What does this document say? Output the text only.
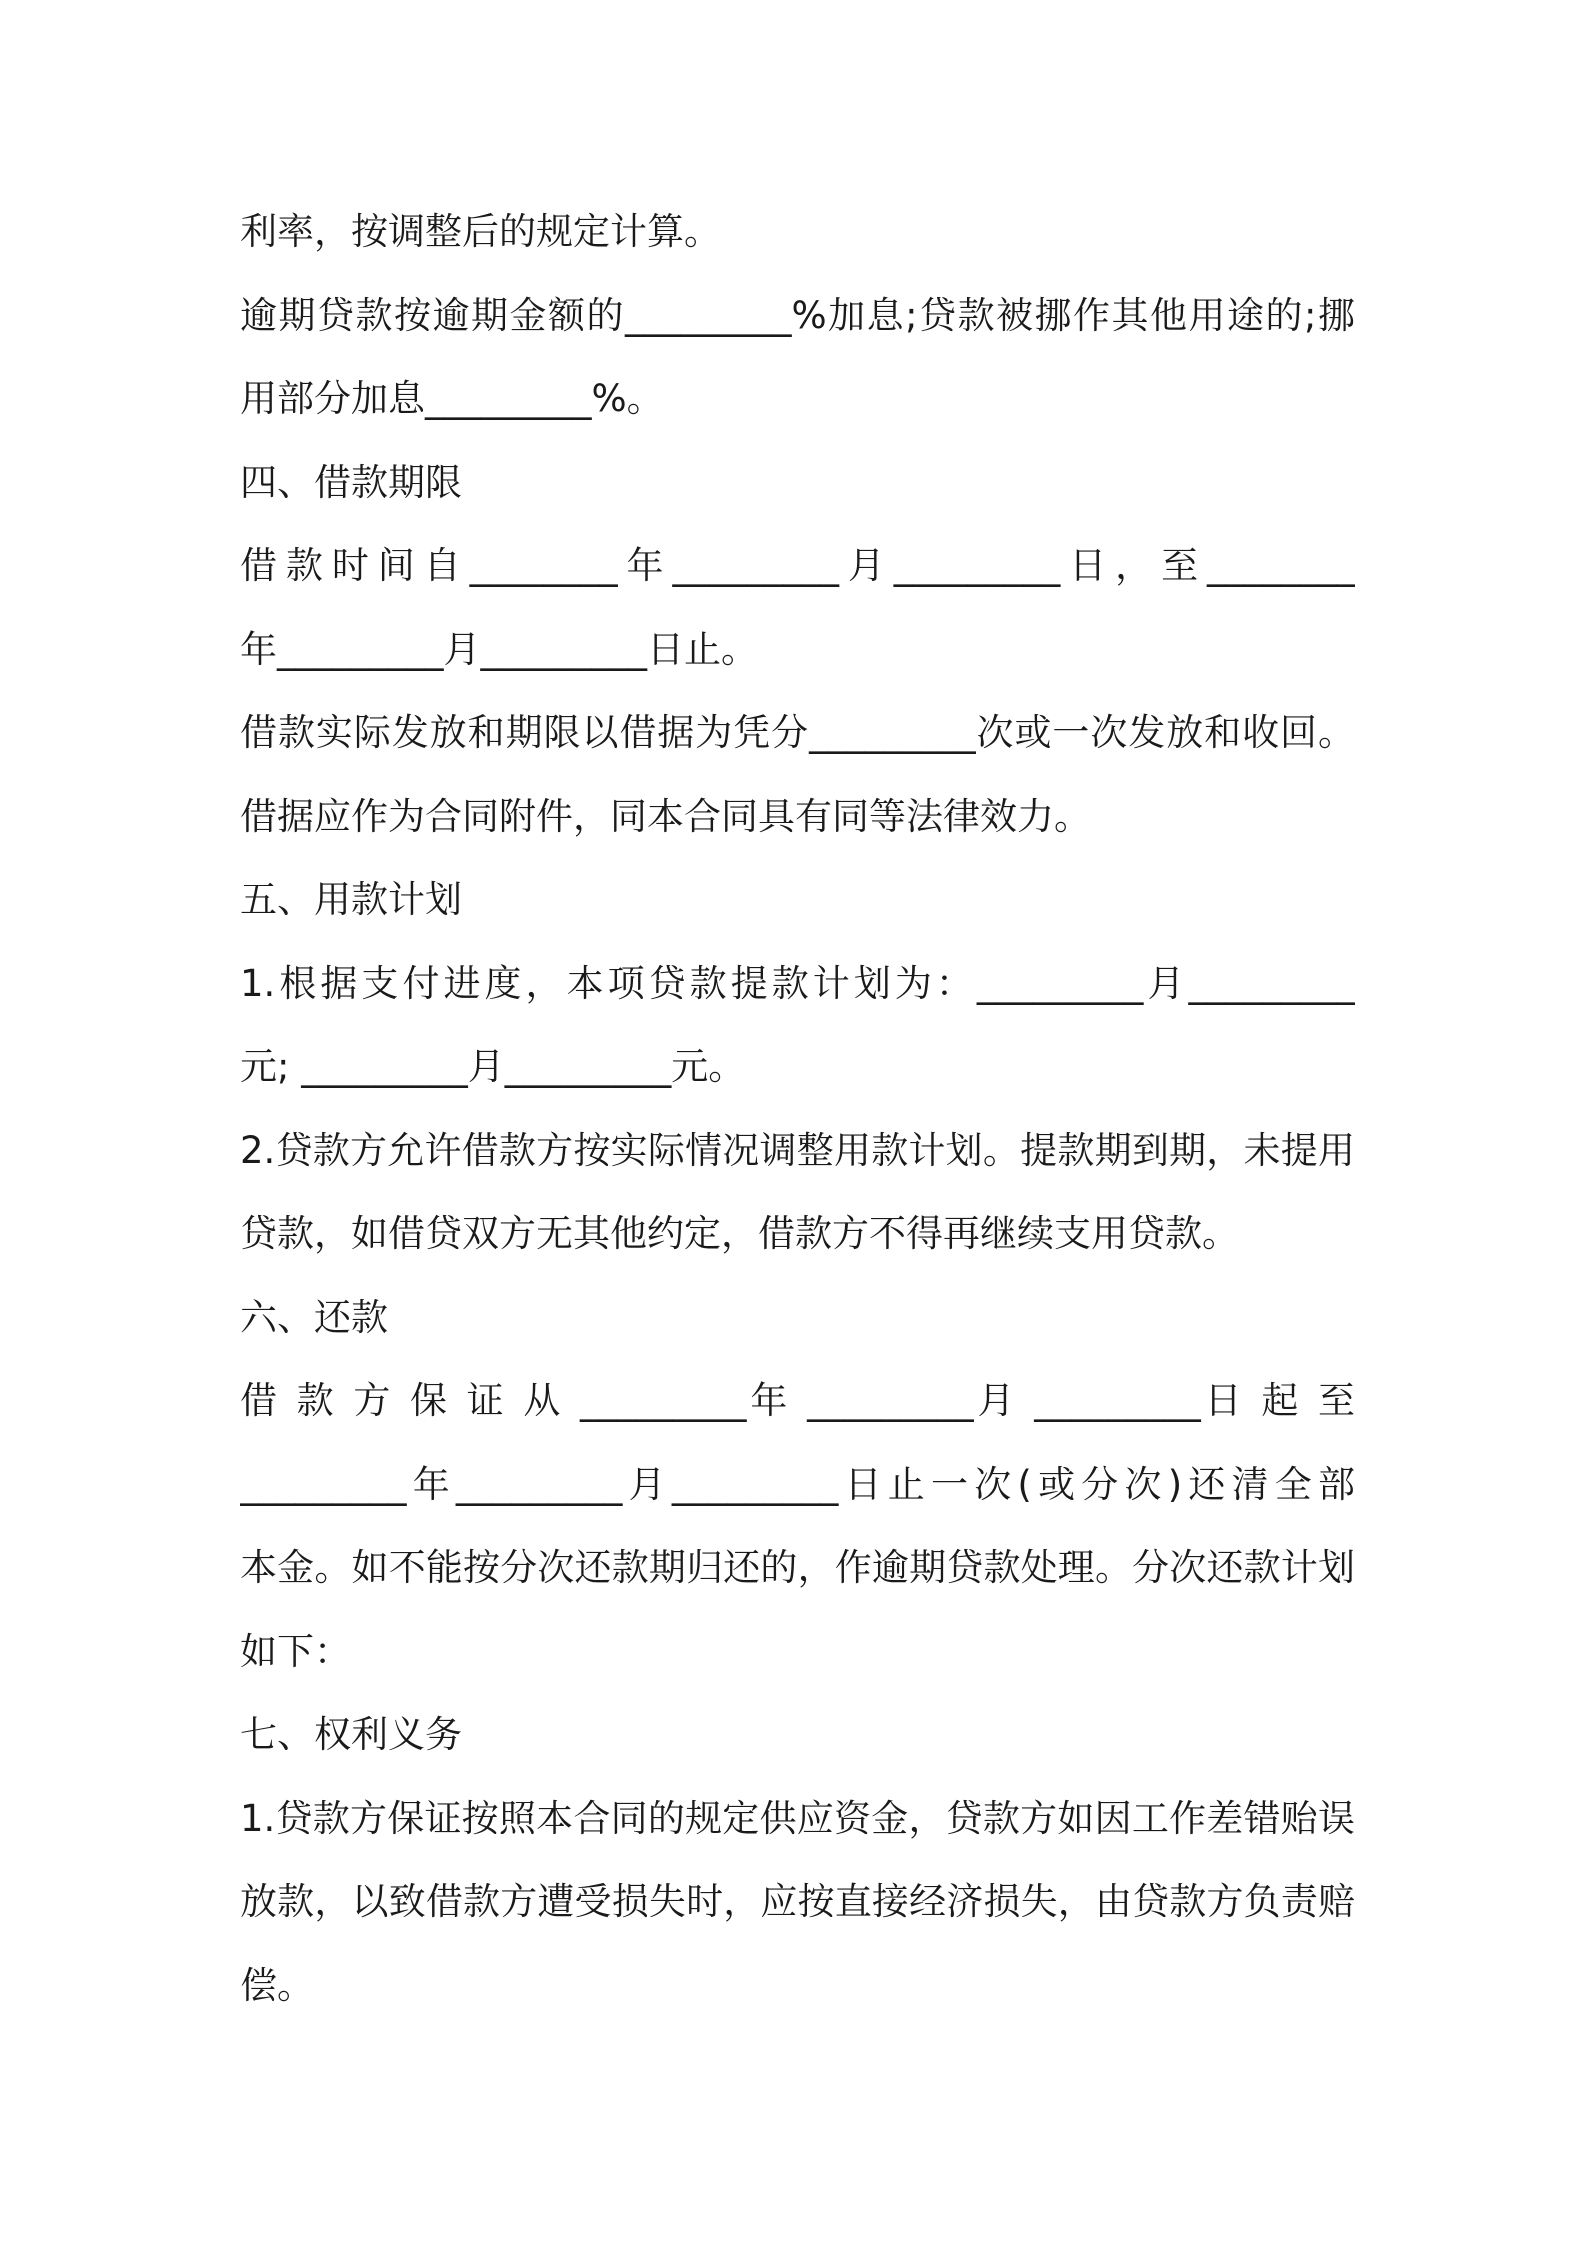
利率，按调整后的规定计算。
逾期贷款按逾期金额的_________%加息;贷款被挪作其他用途的;挪
用部分加息_________%。
四、借款期限
借款时间自________年_________月_________日，至________
年_________月_________日止。
借款实际发放和期限以借据为凭分_________次或一次发放和收回。
借据应作为合同附件，同本合同具有同等法律效力。
五、用款计划
1.根据支付进度，本项贷款提款计划为：_________月_________
元; _________月_________元。
2.贷款方允许借款方按实际情况调整用款计划。提款期到期，未提用
贷款，如借贷双方无其他约定，借款方不得再继续支用贷款。
六、还款
借 款 方 保 证 从 _________年 _________月 _________日 起 至
_________年_________月_________日止一次(或分次)还清全部
本金。如不能按分次还款期归还的，作逾期贷款处理。分次还款计划
如下：
七、权利义务
1.贷款方保证按照本合同的规定供应资金，贷款方如因工作差错贻误
放款，以致借款方遭受损失时，应按直接经济损失，由贷款方负责赔
偿。
